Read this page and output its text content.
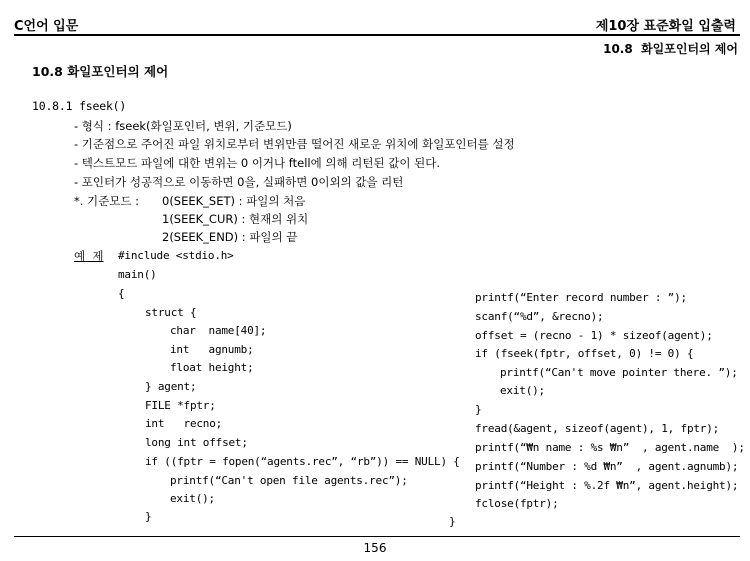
C언어 입문	제10장 표준화일 입출력
10.8  화일포인터의 제어
10.8 화일포인터의 제어
10.8.1 fseek()
- 형식 : fseek(화일포인터, 변위, 기준모드)
- 기준점으로 주어진 파일 위치로부터 변위만큼 떨어진 새로운 위치에 화일포인터를 설정
- 텍스트모드 파일에 대한 변위는 0 이거나 ftell에 의해 리턴된 값이 된다.
- 포인터가 성공적으로 이동하면 0을, 실패하면 0이외의 값을 리턴
*. 기준모드 : 0(SEEK_SET) : 파일의 처음
1(SEEK_CUR) : 현재의 위치
2(SEEK_END) : 파일의 끝
예  제 #include <stdio.h>
main()
{
struct {
char  name[40];
int   agnumb;
float height;
} agent;
FILE *fptr;
int   recno;
long int offset;
if ((fptr = fopen(“agents.rec”, “rb”)) == NULL) {
printf(“Can't open file agents.rec”);
exit();
}
printf(“Enter record number : ”);
scanf(“%d”, &recno);
offset = (recno - 1) * sizeof(agent);
if (fseek(fptr, offset, 0) != 0) {
printf(“Can't move pointer there. ”);
exit();
}
fread(&agent, sizeof(agent), 1, fptr);
printf(“₩n name : %s ₩n”  , agent.name  );
printf(“Number : %d ₩n”  , agent.agnumb);
printf(“Height : %.2f ₩n”, agent.height);
fclose(fptr);
}
156
